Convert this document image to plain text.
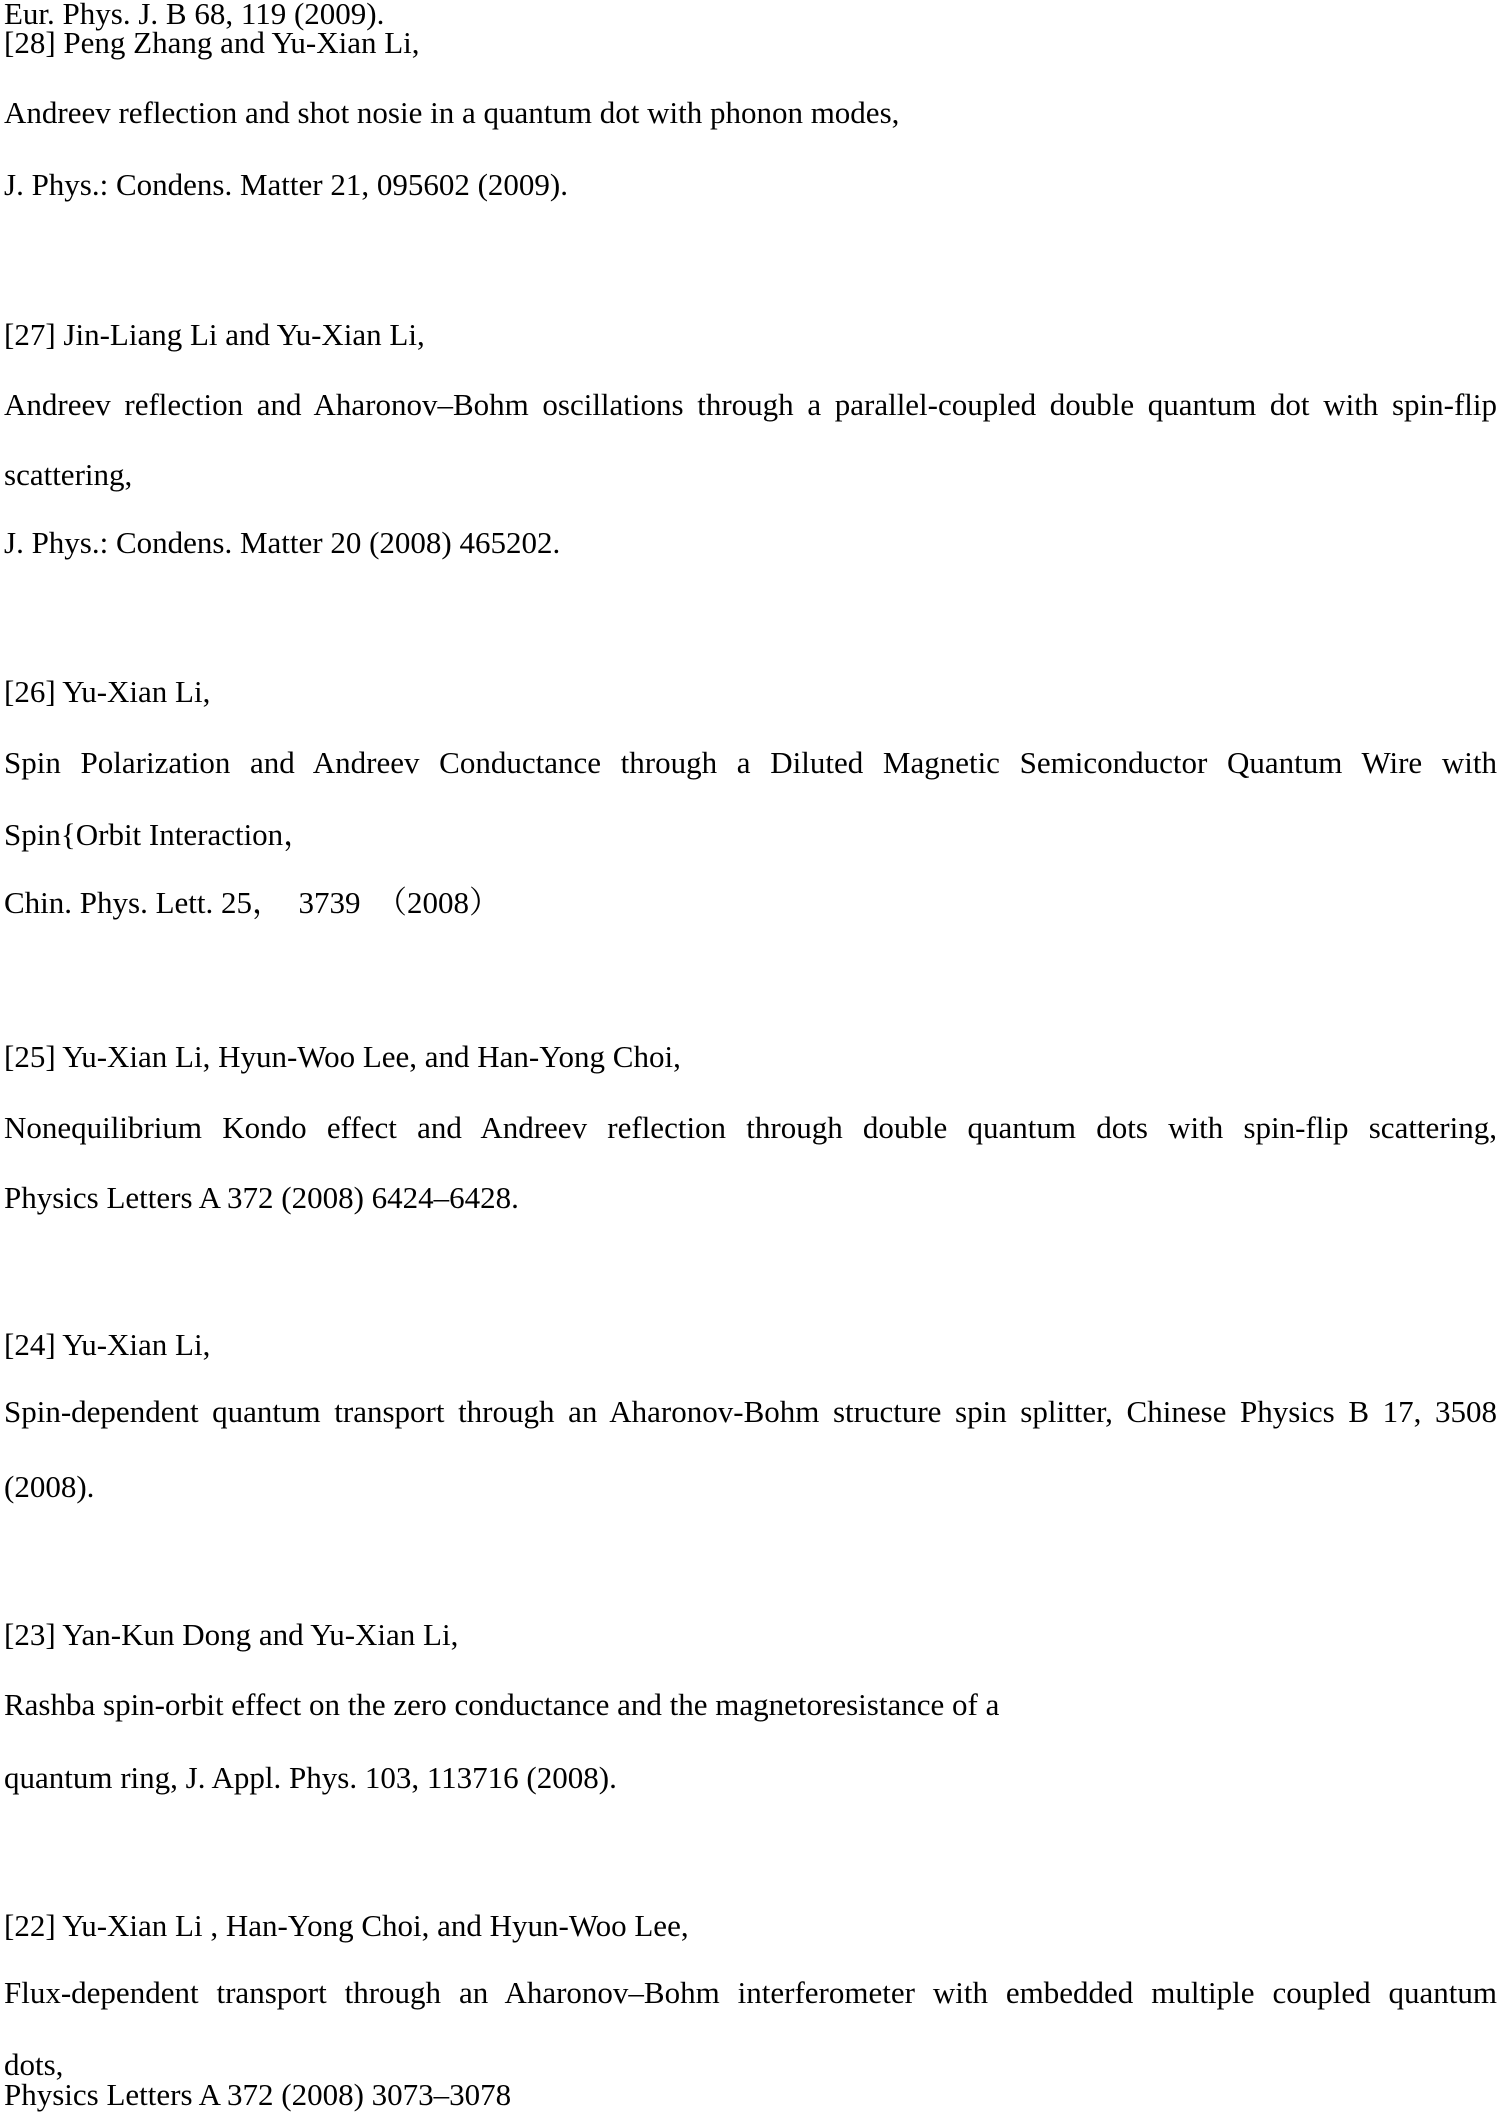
Eur. Phys. J. B 68, 119 (2009).
[28] Peng Zhang and Yu-Xian Li,
Andreev reflection and shot nosie in a quantum dot with phonon modes,
J. Phys.: Condens. Matter 21, 095602 (2009).
[27] Jin-Liang Li and Yu-Xian Li,
Andreev reflection and Aharonov–Bohm oscillations through a parallel-coupled double quantum dot with spin-flip
scattering,
J. Phys.: Condens. Matter 20 (2008) 465202.
[26] Yu-Xian Li,
Spin Polarization and Andreev Conductance through a Diluted Magnetic Semiconductor Quantum Wire with
Spin{Orbit Interaction，
Chin. Phys. Lett. 25，  3739  （2008）
[25] Yu-Xian Li, Hyun-Woo Lee, and Han-Yong Choi,
Nonequilibrium Kondo effect and Andreev reflection through double quantum dots with spin-flip scattering,
Physics Letters A 372 (2008) 6424–6428.
[24] Yu-Xian Li,
Spin-dependent quantum transport through an Aharonov-Bohm structure spin splitter, Chinese Physics B 17, 3508
(2008).
[23] Yan-Kun Dong and Yu-Xian Li,
Rashba spin-orbit effect on the zero conductance and the magnetoresistance of a
quantum ring, J. Appl. Phys. 103, 113716 (2008).
[22] Yu-Xian Li , Han-Yong Choi, and Hyun-Woo Lee,
Flux-dependent transport through an Aharonov–Bohm interferometer with embedded multiple coupled quantum
dots,
Physics Letters A 372 (2008) 3073–3078
